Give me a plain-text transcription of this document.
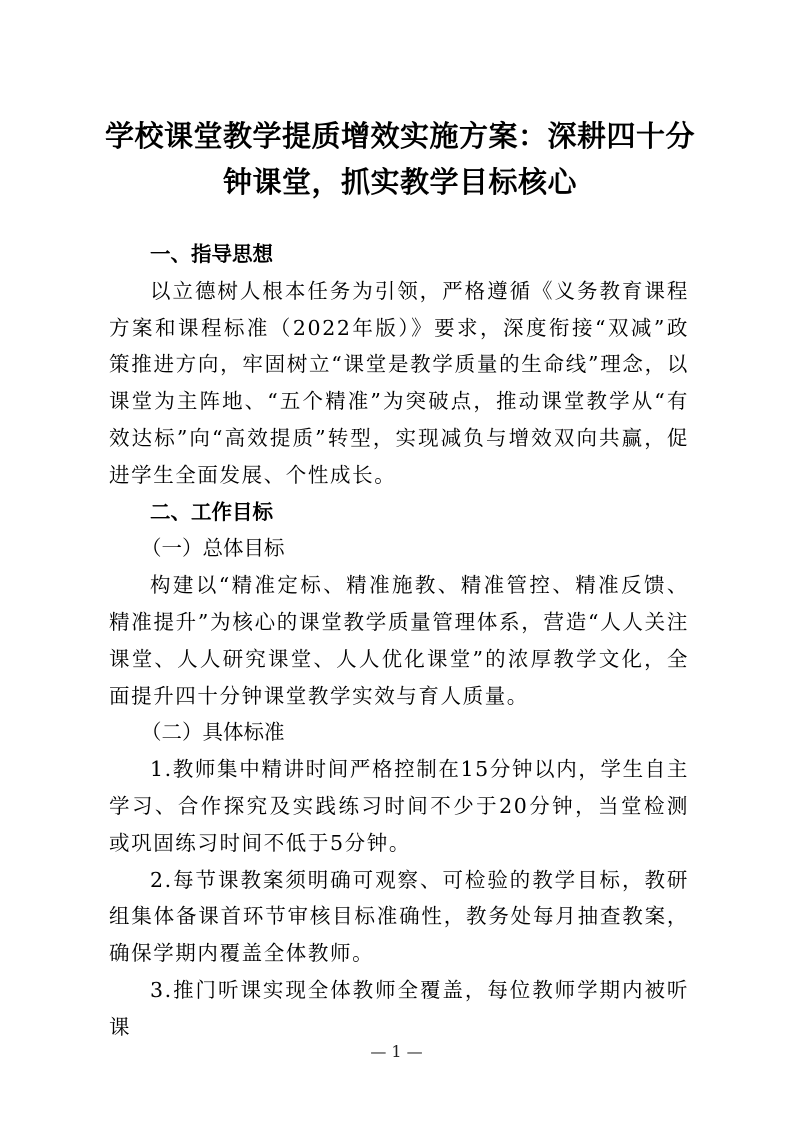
学校课堂教学提质增效实施方案：深耕四十分钟课堂，抓实教学目标核心

一、指导思想

以立德树人根本任务为引领，严格遵循《义务教育课程方案和课程标准（2022年版）》要求，深度衔接“双减”政策推进方向，牢固树立“课堂是教学质量的生命线”理念，以课堂为主阵地、“五个精准”为突破点，推动课堂教学从“有效达标”向“高效提质”转型，实现减负与增效双向共赢，促进学生全面发展、个性成长。

二、工作目标

（一）总体目标

构建以“精准定标、精准施教、精准管控、精准反馈、精准提升”为核心的课堂教学质量管理体系，营造“人人关注课堂、人人研究课堂、人人优化课堂”的浓厚教学文化，全面提升四十分钟课堂教学实效与育人质量。

（二）具体标准

1.教师集中精讲时间严格控制在15分钟以内，学生自主学习、合作探究及实践练习时间不少于20分钟，当堂检测或巩固练习时间不低于5分钟。

2.每节课教案须明确可观察、可检验的教学目标，教研组集体备课首环节审核目标准确性，教务处每月抽查教案，确保学期内覆盖全体教师。

3.推门听课实现全体教师全覆盖，每位教师学期内被听课

— 1 —
